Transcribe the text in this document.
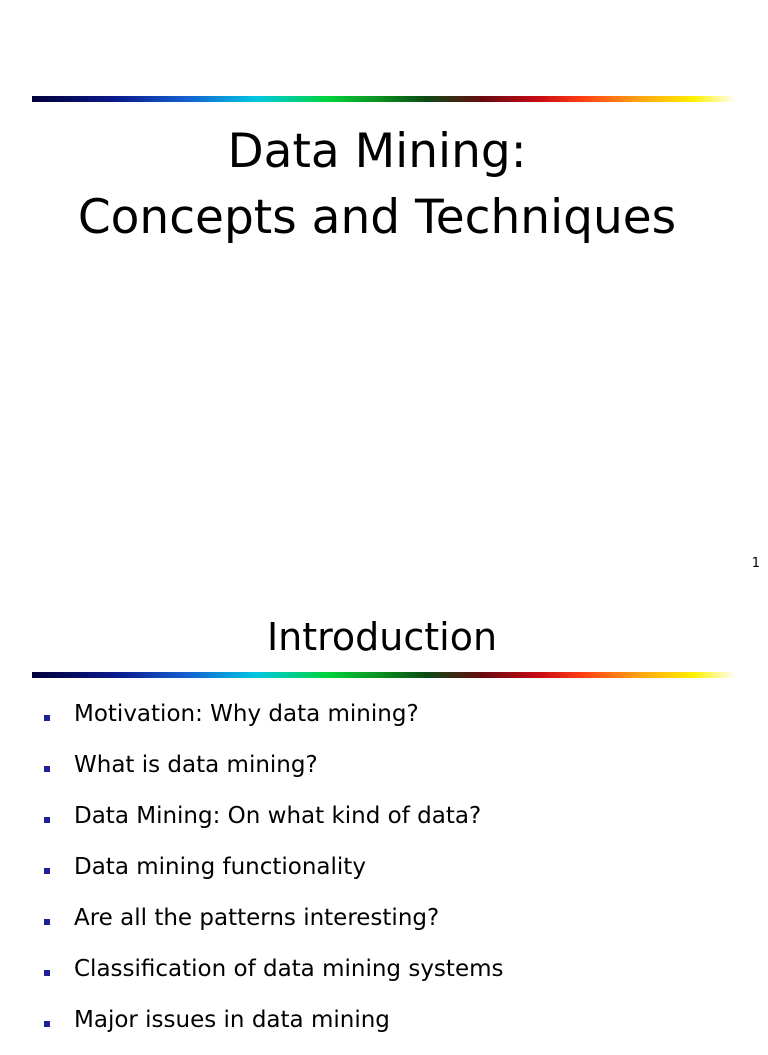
Data Mining:
Concepts and Techniques
1
Introduction
Motivation: Why data mining?
What is data mining?
Data Mining: On what kind of data?
Data mining functionality
Are all the patterns interesting?
Classification of data mining systems
Major issues in data mining
